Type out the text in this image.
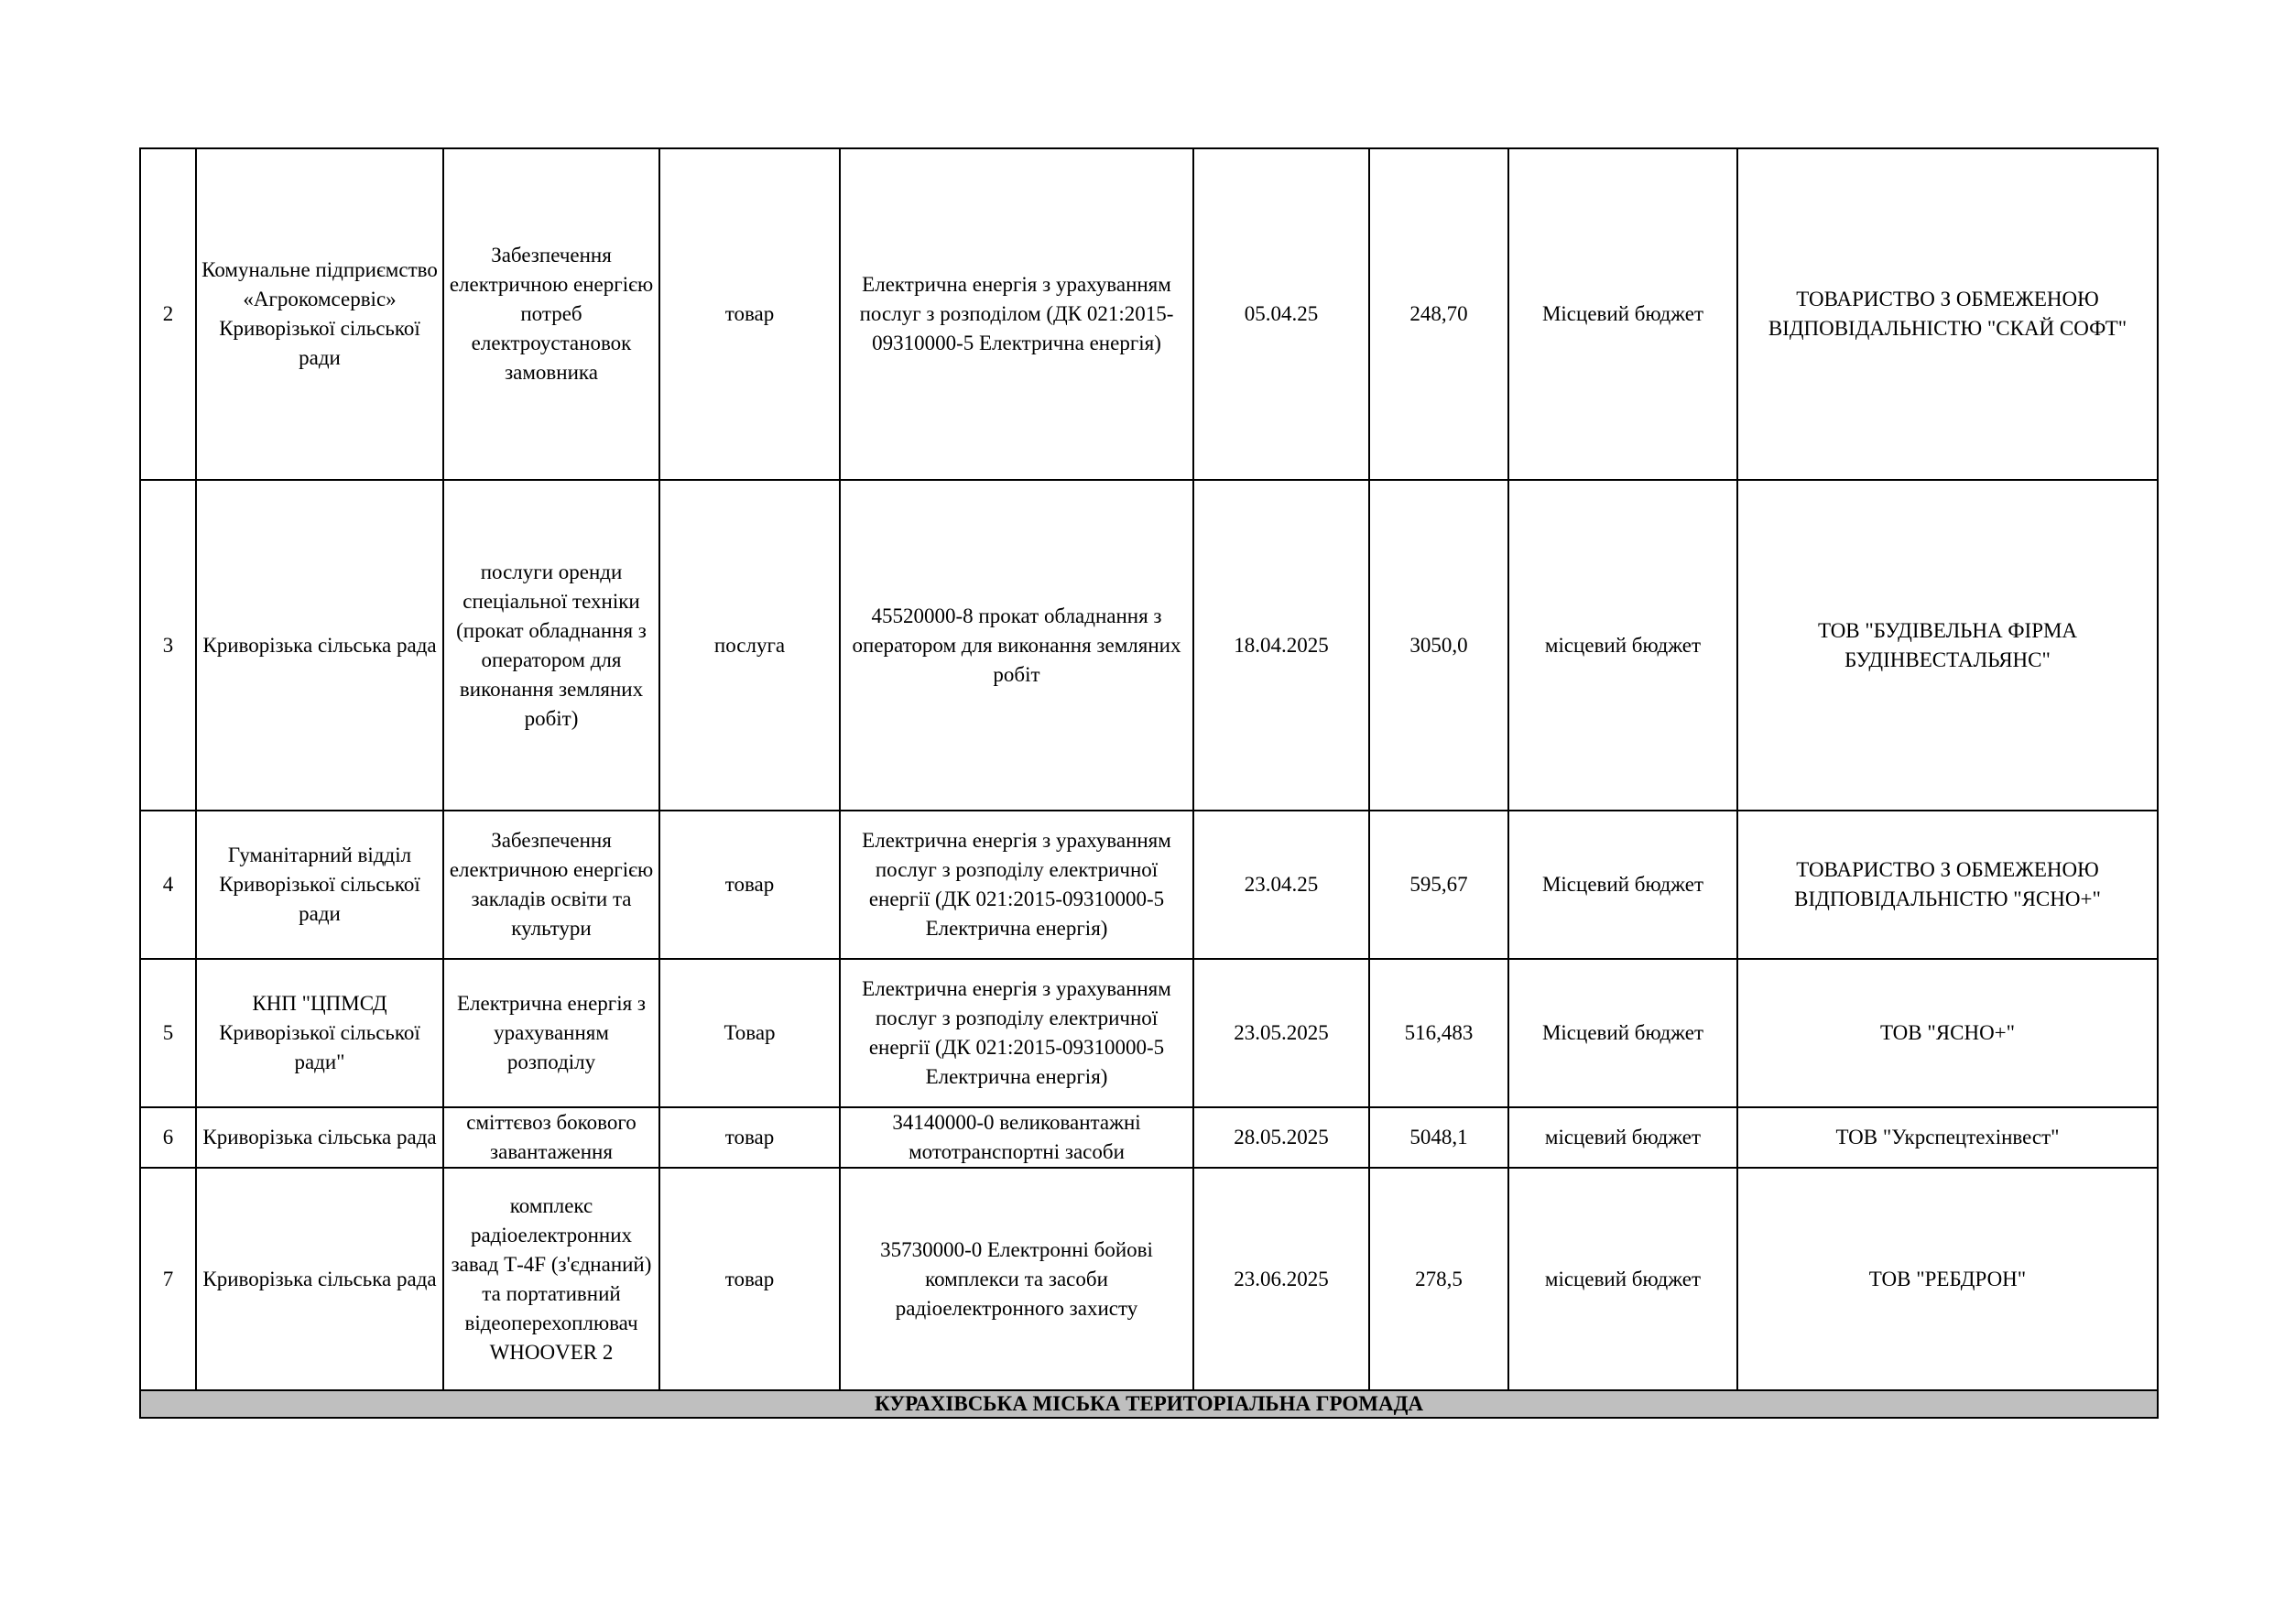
2	Комунальне підприємство «Агрокомсервіс» Криворізької сільської ради	Забезпечення електричною енергією потреб електроустановок замовника	товар	Електрична енергія з урахуванням послуг з розподілом (ДК 021:2015-09310000-5 Електрична енергія)	05.04.25	248,70	Місцевий бюджет	ТОВАРИСТВО З ОБМЕЖЕНОЮ ВІДПОВІДАЛЬНІСТЮ "СКАЙ СОФТ"
3	Криворізька сільська рада	послуги оренди спеціальної техніки (прокат обладнання з оператором для виконання земляних робіт)	послуга	45520000-8 прокат обладнання з оператором для виконання земляних робіт	18.04.2025	3050,0	місцевий бюджет	ТОВ "БУДІВЕЛЬНА ФІРМА БУДІНВЕСТАЛЬЯНС"
4	Гуманітарний відділ Криворізької сільської ради	Забезпечення електричною енергією закладів освіти та культури	товар	Електрична енергія з урахуванням послуг з розподілу електричної енергії (ДК 021:2015-09310000-5 Електрична енергія)	23.04.25	595,67	Місцевий бюджет	ТОВАРИСТВО З ОБМЕЖЕНОЮ ВІДПОВІДАЛЬНІСТЮ "ЯСНО+"
5	КНП "ЦПМСД Криворізької сільської ради"	Електрична енергія з урахуванням розподілу	Товар	Електрична енергія з урахуванням послуг з розподілу електричної енергії (ДК 021:2015-09310000-5 Електрична енергія)	23.05.2025	516,483	Місцевий бюджет	ТОВ "ЯСНО+"
6	Криворізька сільська рада	сміттєвоз бокового завантаження	товар	34140000-0 великовантажні мототранспортні засоби	28.05.2025	5048,1	місцевий бюджет	ТОВ "Укрспецтехінвест"
7	Криворізька сільська рада	комплекс радіоелектронних завад Т-4F (з'єднаний) та портативний відеоперехоплювач WHOOVER 2	товар	35730000-0 Електронні бойові комплекси та засоби радіоелектронного захисту	23.06.2025	278,5	місцевий бюджет	ТОВ "РЕБДРОН"
КУРАХІВСЬКА МІСЬКА ТЕРИТОРІАЛЬНА ГРОМАДА								
